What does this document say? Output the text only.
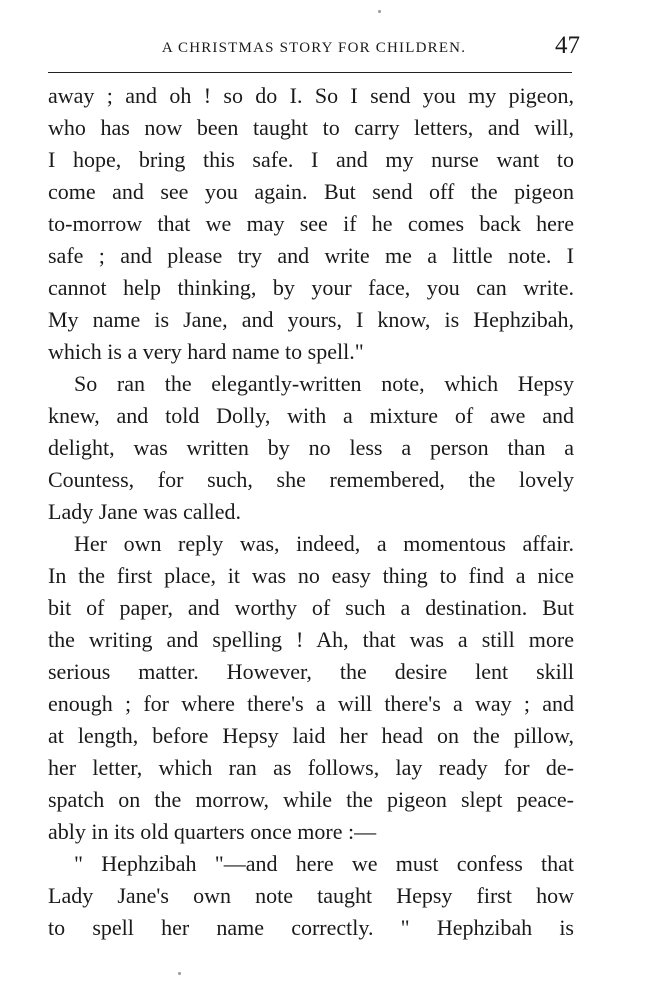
A CHRISTMAS STORY FOR CHILDREN.	47
away ; and oh ! so do I. So I send you my pigeon,
who has now been taught to carry letters, and will,
I hope, bring this safe. I and my nurse want to
come and see you again. But send off the pigeon
to-morrow that we may see if he comes back here
safe ; and please try and write me a little note. I
cannot help thinking, by your face, you can write.
My name is Jane, and yours, I know, is Hephzibah,
which is a very hard name to spell."
So ran the elegantly-written note, which Hepsy
knew, and told Dolly, with a mixture of awe and
delight, was written by no less a person than a
Countess, for such, she remembered, the lovely
Lady Jane was called.
Her own reply was, indeed, a momentous affair.
In the first place, it was no easy thing to find a nice
bit of paper, and worthy of such a destination. But
the writing and spelling ! Ah, that was a still more
serious matter. However, the desire lent skill
enough ; for where there's a will there's a way ; and
at length, before Hepsy laid her head on the pillow,
her letter, which ran as follows, lay ready for de-
spatch on the morrow, while the pigeon slept peace-
ably in its old quarters once more :—
" Hephzibah "—and here we must confess that
Lady Jane's own note taught Hepsy first how
to spell her name correctly. " Hephzibah is
